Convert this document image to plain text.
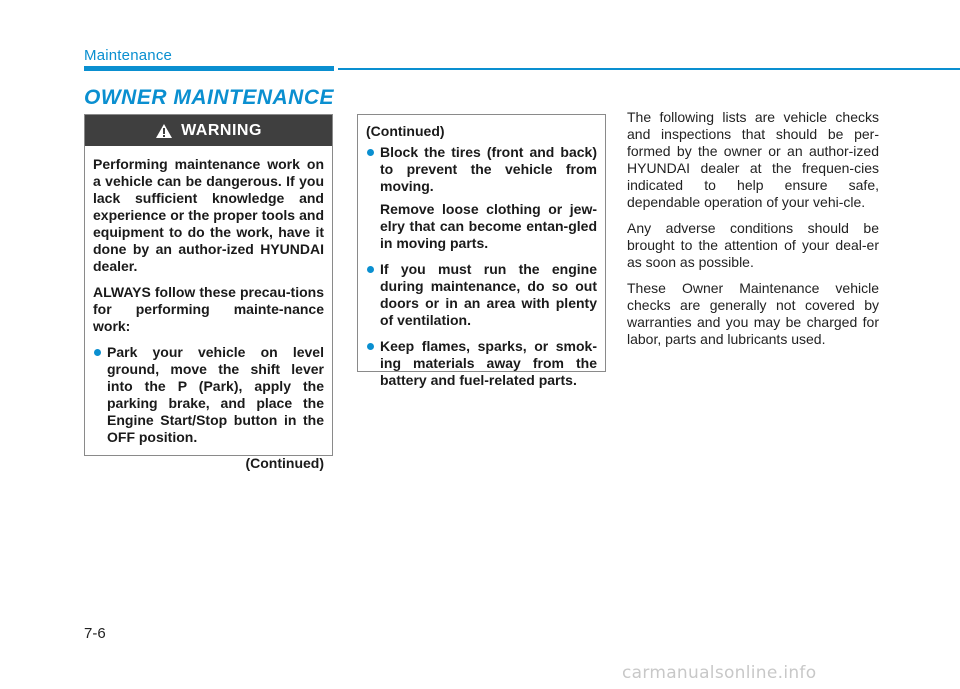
Maintenance
OWNER MAINTENANCE
WARNING

Performing maintenance work on a vehicle can be dangerous. If you lack sufficient knowledge and experience or the proper tools and equipment to do the work, have it done by an author-ized HYUNDAI dealer.

ALWAYS follow these precau-tions for performing mainte-nance work:

Park your vehicle on level ground, move the shift lever into the P (Park), apply the parking brake, and place the Engine Start/Stop button in the OFF position.

(Continued)

(Continued)

Block the tires (front and back) to prevent the vehicle from moving.

Remove loose clothing or jew-elry that can become entan-gled in moving parts.

If you must run the engine during maintenance, do so out doors or in an area with plenty of ventilation.
Keep flames, sparks, or smok-ing materials away from the battery and fuel-related parts.

The following lists are vehicle checks and inspections that should be per-formed by the owner or an author-ized HYUNDAI dealer at the frequen-cies indicated to help ensure safe, dependable operation of your vehi-cle.

Any adverse conditions should be brought to the attention of your deal-er as soon as possible.

These Owner Maintenance vehicle checks are generally not covered by warranties and you may be charged for labor, parts and lubricants used.

7-6
carmanualsonline.info
